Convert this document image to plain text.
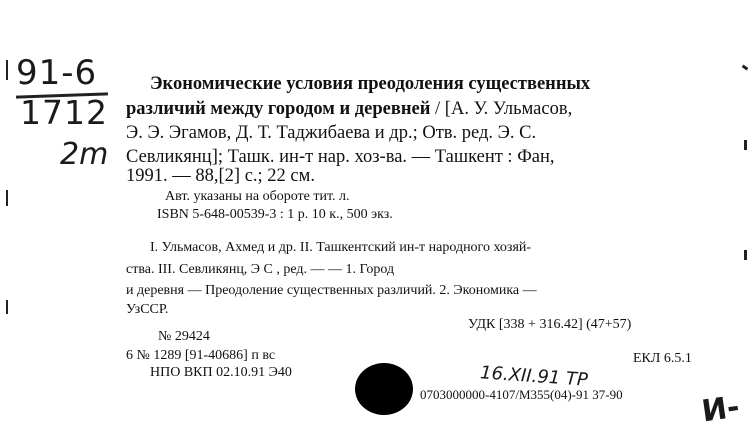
91-6
1712
2m
Экономические условия преодоления существенных
различий между городом и деревней / [А. У. Ульмасов,
Э. Э. Эгамов, Д. Т. Таджибаева и др.; Отв. ред. Э. С.
Севликянц]; Ташк. ин-т нар. хоз-ва. — Ташкент : Фан,
1991. — 88,[2] с.; 22 см.
Авт. указаны на обороте тит. л.
ISBN 5-648-00539-3 : 1 р. 10 к., 500 экз.
I. Ульмасов, Ахмед и др. II. Ташкентский ин-т народного хозяй-
ства. III. Севликянц, Э С , ред. — — 1. Город
и деревня — Преодоление существенных различий. 2. Экономика —
УзССР.
УДК [338 + 316.42] (47+57)
№ 29424
6 № 1289 [91-40686] п вс	ЕКЛ 6.5.1
НПО ВКП 02.10.91 Э40
0703000000-4107/М355(04)-91 37-90
16.XII.91 TP
И-
